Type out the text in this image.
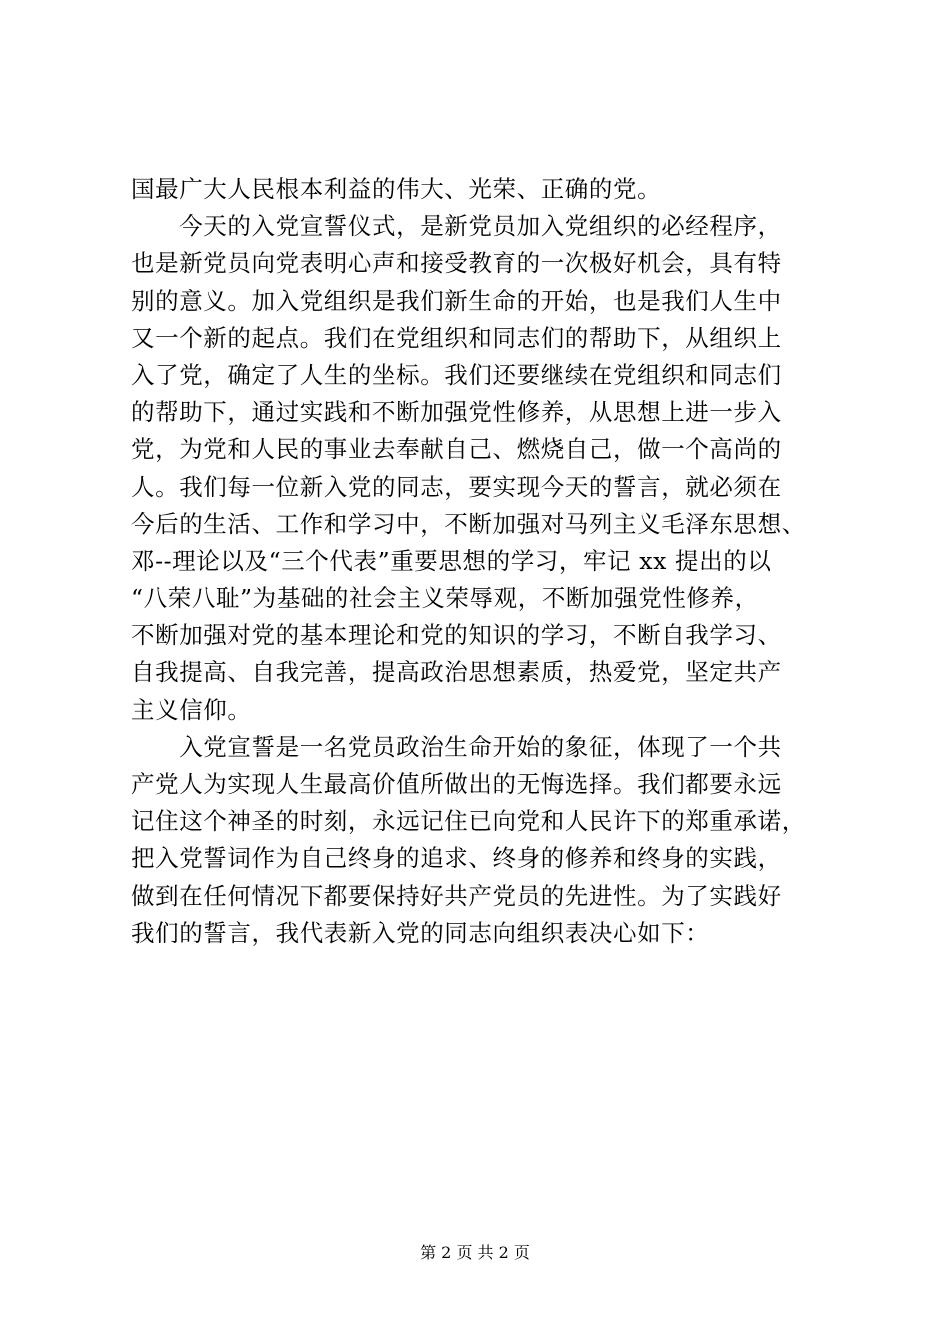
国最广大人民根本利益的伟大、光荣、正确的党。
　　今天的入党宣誓仪式，是新党员加入党组织的必经程序，
也是新党员向党表明心声和接受教育的一次极好机会，具有特
别的意义。加入党组织是我们新生命的开始，也是我们人生中
又一个新的起点。我们在党组织和同志们的帮助下，从组织上
入了党，确定了人生的坐标。我们还要继续在党组织和同志们
的帮助下，通过实践和不断加强党性修养，从思想上进一步入
党，为党和人民的事业去奉献自己、燃烧自己，做一个高尚的
人。我们每一位新入党的同志，要实现今天的誓言，就必须在
今后的生活、工作和学习中，不断加强对马列主义毛泽东思想、
邓--理论以及“三个代表”重要思想的学习，牢记 xx 提出的以
“八荣八耻”为基础的社会主义荣辱观，不断加强党性修养，
不断加强对党的基本理论和党的知识的学习，不断自我学习、
自我提高、自我完善，提高政治思想素质，热爱党，坚定共产
主义信仰。
　　入党宣誓是一名党员政治生命开始的象征，体现了一个共
产党人为实现人生最高价值所做出的无悔选择。我们都要永远
记住这个神圣的时刻，永远记住已向党和人民许下的郑重承诺，
把入党誓词作为自己终身的追求、终身的修养和终身的实践，
做到在任何情况下都要保持好共产党员的先进性。为了实践好
我们的誓言，我代表新入党的同志向组织表决心如下：
第 2 页 共 2 页
